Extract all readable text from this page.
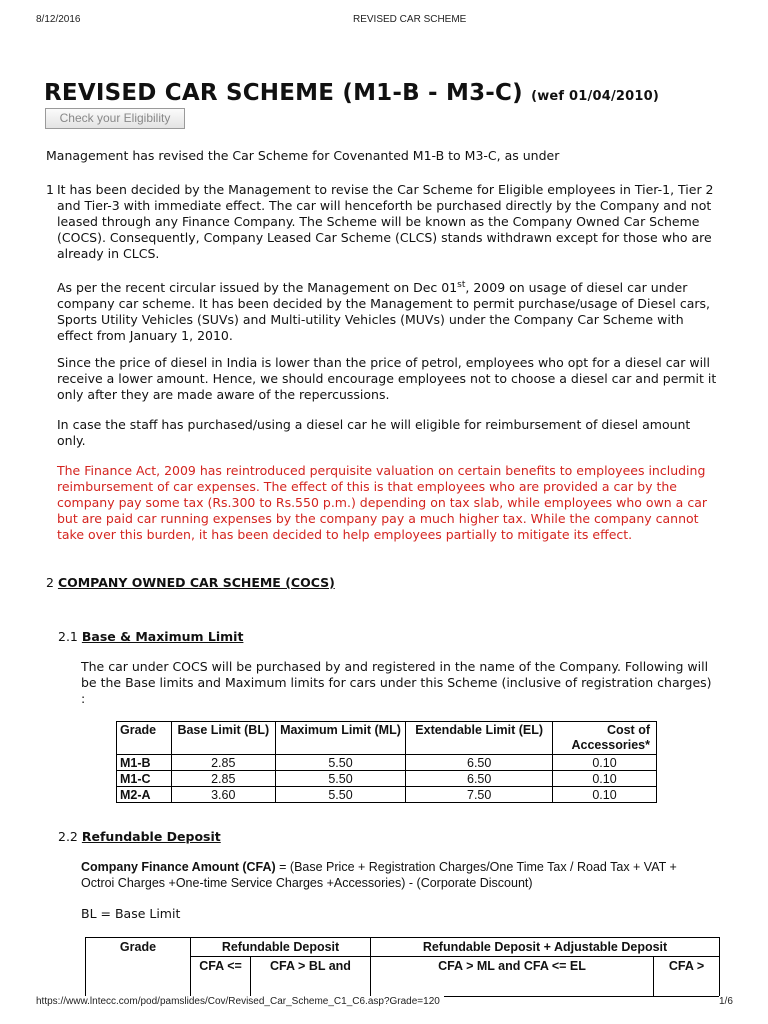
8/12/2016	REVISED CAR SCHEME
REVISED CAR SCHEME (M1-B - M3-C) (wef 01/04/2010)
Check your Eligibility
Management has revised the Car Scheme for Covenanted M1-B to M3-C, as under
1 It has been decided by the Management to revise the Car Scheme for Eligible employees in Tier-1, Tier 2
and Tier-3 with immediate effect. The car will henceforth be purchased directly by the Company and not
leased through any Finance Company. The Scheme will be known as the Company Owned Car Scheme
(COCS). Consequently, Company Leased Car Scheme (CLCS) stands withdrawn except for those who are
already in CLCS.
As per the recent circular issued by the Management on Dec 01st, 2009 on usage of diesel car under
company car scheme. It has been decided by the Management to permit purchase/usage of Diesel cars,
Sports Utility Vehicles (SUVs) and Multi-utility Vehicles (MUVs) under the Company Car Scheme with
effect from January 1, 2010.
Since the price of diesel in India is lower than the price of petrol, employees who opt for a diesel car will
receive a lower amount. Hence, we should encourage employees not to choose a diesel car and permit it
only after they are made aware of the repercussions.
In case the staff has purchased/using a diesel car he will eligible for reimbursement of diesel amount
only.
The Finance Act, 2009 has reintroduced perquisite valuation on certain benefits to employees including
reimbursement of car expenses. The effect of this is that employees who are provided a car by the
company pay some tax (Rs.300 to Rs.550 p.m.) depending on tax slab, while employees who own a car
but are paid car running expenses by the company pay a much higher tax. While the company cannot
take over this burden, it has been decided to help employees partially to mitigate its effect.
2 COMPANY OWNED CAR SCHEME (COCS)
2.1 Base & Maximum Limit
The car under COCS will be purchased by and registered in the name of the Company. Following will
be the Base limits and Maximum limits for cars under this Scheme (inclusive of registration charges)
:
Grade	Base Limit (BL)	Maximum Limit (ML)	Extendable Limit (EL)	Cost of Accessories*
M1-B	2.85	5.50	6.50	0.10
M1-C	2.85	5.50	6.50	0.10
M2-A	3.60	5.50	7.50	0.10
2.2 Refundable Deposit
Company Finance Amount (CFA) = (Base Price + Registration Charges/One Time Tax / Road Tax + VAT +
Octroi Charges +One-time Service Charges +Accessories) - (Corporate Discount)
BL = Base Limit
Grade	Refundable Deposit		Refundable Deposit + Adjustable Deposit	
	CFA <=	CFA > BL and	CFA > ML and CFA <= EL	CFA >
https://www.lntecc.com/pod/pamslides/Cov/Revised_Car_Scheme_C1_C6.asp?Grade=120	1/6
